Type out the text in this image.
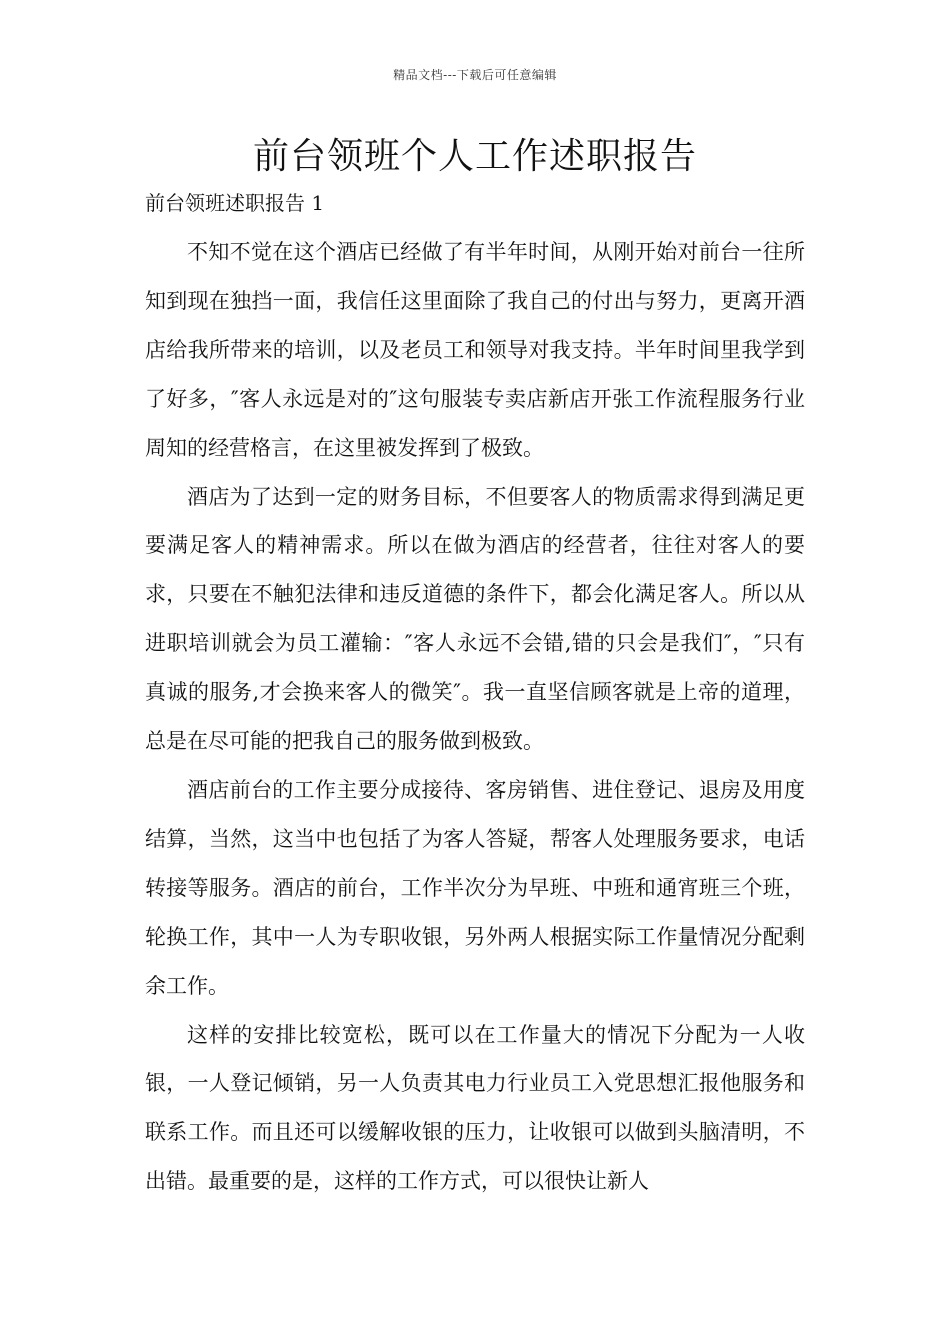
精品文档---下载后可任意编辑
前台领班个人工作述职报告
前台领班述职报告 1

不知不觉在这个酒店已经做了有半年时间，从刚开始对前台一往所知到现在独挡一面，我信任这里面除了我自己的付出与努力，更离开酒店给我所带来的培训，以及老员工和领导对我支持。半年时间里我学到了好多，″客人永远是对的″这句服装专卖店新店开张工作流程服务行业周知的经营格言，在这里被发挥到了极致。

酒店为了达到一定的财务目标，不但要客人的物质需求得到满足更要满足客人的精神需求。所以在做为酒店的经营者，往往对客人的要求，只要在不触犯法律和违反道德的条件下，都会化满足客人。所以从进职培训就会为员工灌输：″客人永远不会错,错的只会是我们″，″只有真诚的服务,才会换来客人的微笑″。我一直坚信顾客就是上帝的道理，总是在尽可能的把我自己的服务做到极致。

酒店前台的工作主要分成接待、客房销售、进住登记、退房及用度结算，当然，这当中也包括了为客人答疑，帮客人处理服务要求，电话转接等服务。酒店的前台，工作半次分为早班、中班和通宵班三个班，轮换工作，其中一人为专职收银，另外两人根据实际工作量情况分配剩余工作。

这样的安排比较宽松，既可以在工作量大的情况下分配为一人收银，一人登记倾销，另一人负责其电力行业员工入党思想汇报他服务和联系工作。而且还可以缓解收银的压力，让收银可以做到头脑清明，不出错。最重要的是，这样的工作方式，可以很快让新人
